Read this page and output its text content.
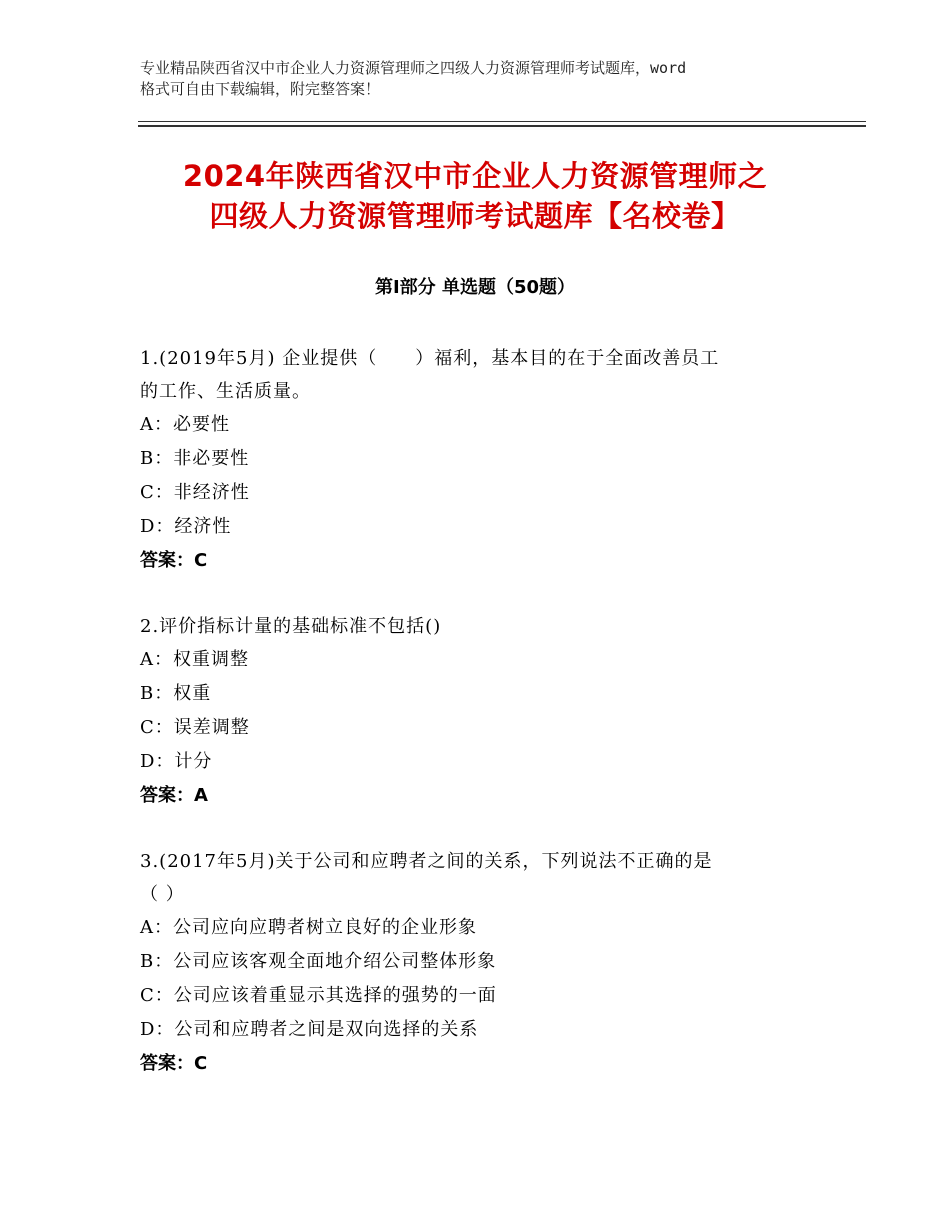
专业精品陕西省汉中市企业人力资源管理师之四级人力资源管理师考试题库，word
格式可自由下载编辑，附完整答案！
2024年陕西省汉中市企业人力资源管理师之
四级人力资源管理师考试题库【名校卷】
第Ⅰ部分 单选题（50题）
1.(2019年5月) 企业提供（　　）福利，基本目的在于全面改善员工
的工作、生活质量。
A：必要性
B：非必要性
C：非经济性
D：经济性
答案：C
2.评价指标计量的基础标准不包括()
A：权重调整
B：权重
C：误差调整
D：计分
答案：A
3.(2017年5月)关于公司和应聘者之间的关系，下列说法不正确的是
（ ）
A：公司应向应聘者树立良好的企业形象
B：公司应该客观全面地介绍公司整体形象
C：公司应该着重显示其选择的强势的一面
D：公司和应聘者之间是双向选择的关系
答案：C
